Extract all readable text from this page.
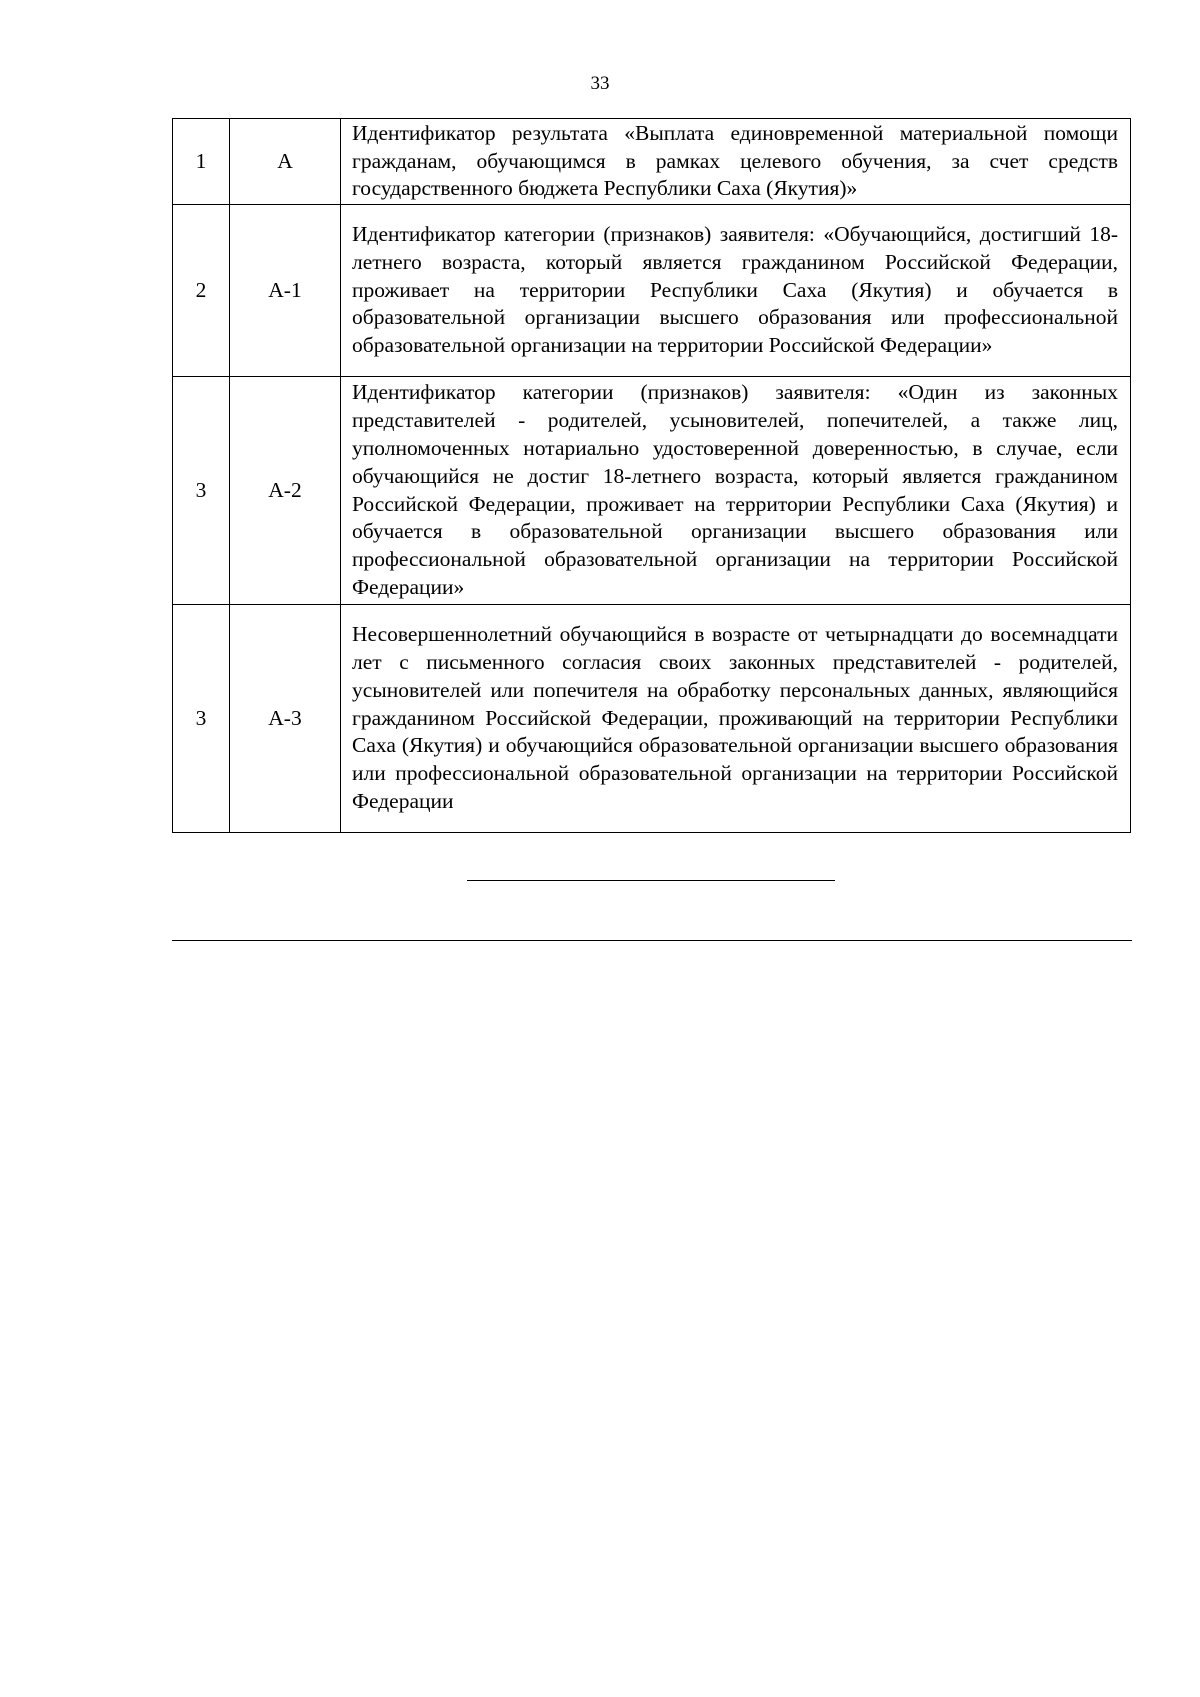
33
1	А	Идентификатор результата «Выплата единовременной материальной помощи гражданам, обучающимся в рамках целевого обучения, за счет средств государственного бюджета Республики Саха (Якутия)»
2	А-1	Идентификатор категории (признаков) заявителя: «Обучающийся, достигший 18-летнего возраста, который является гражданином Российской Федерации, проживает на территории Республики Саха (Якутия) и обучается в образовательной организации высшего образования или профессиональной образовательной организации на территории Российской Федерации»
3	А-2	Идентификатор категории (признаков) заявителя: «Один из законных представителей - родителей, усыновителей, попечителей, а также лиц, уполномоченных нотариально удостоверенной доверенностью, в случае, если обучающийся не достиг 18-летнего возраста, который является гражданином Российской Федерации, проживает на территории Республики Саха (Якутия) и обучается в образовательной организации высшего образования или профессиональной образовательной организации на территории Российской Федерации»
3	А-3	Несовершеннолетний обучающийся в возрасте от четырнадцати до восемнадцати лет с письменного согласия своих законных представителей - родителей, усыновителей или попечителя на обработку персональных данных, являющийся гражданином Российской Федерации, проживающий на территории Республики Саха (Якутия) и обучающийся образовательной организации высшего образования или профессиональной образовательной организации на территории Российской Федерации
